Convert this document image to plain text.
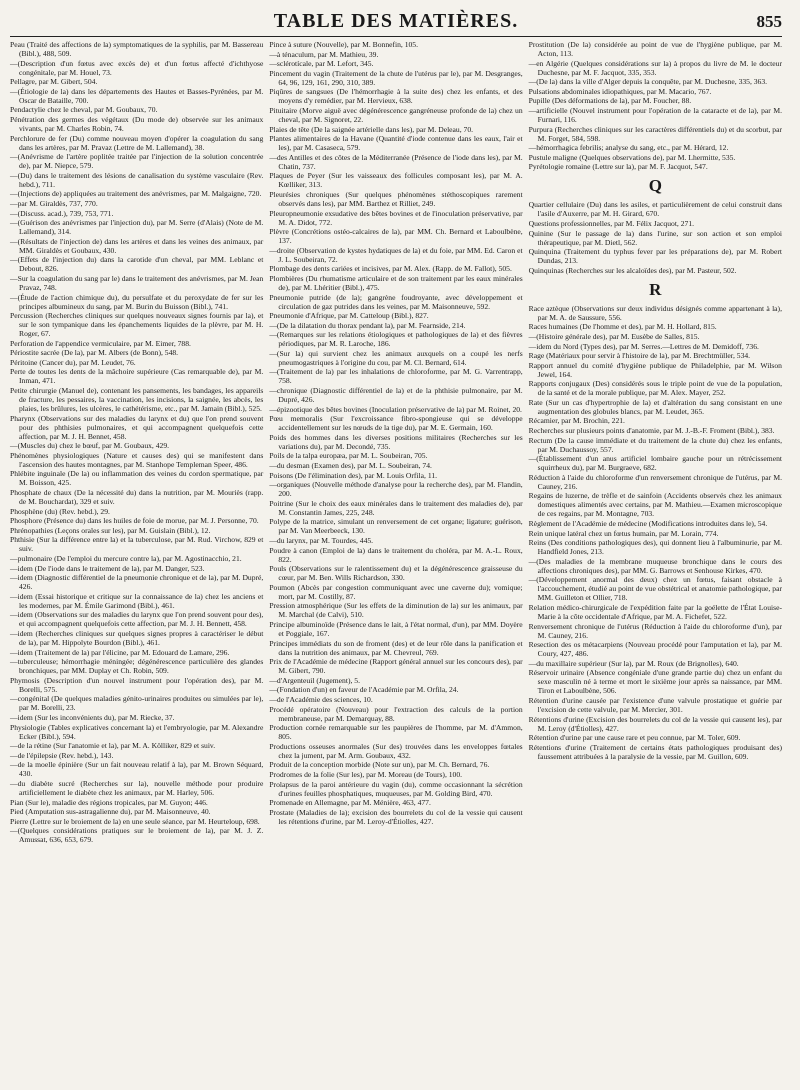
TABLE DES MATIÈRES.	855
Peau (Traité des affections de la) symptomatiques de la syphilis, par M. Bassereau (Bibl.), 488, 509.
—(Description d'un fœtus avec excès de) et d'un fœtus affecté d'ichthyose congénitale, par M. Houel, 73.
Pellagre, par M. Gibert, 504.
—(Étiologie de la) dans les départements des Hautes et Basses-Pyrénées, par M. Oscar de Bataille, 700.
Pendactylie chez le cheval, par M. Goubaux, 70.
Pénétration des germes des végétaux (Du mode de) observée sur les animaux vivants, par M. Charles Robin, 74.
Perchlorure de fer (Du) comme nouveau moyen d'opérer la coagulation du sang dans les artères, par M. Pravaz (Lettre de M. Lallemand), 38.
—(Anévrisme de l'artère poplitée traitée par l'injection de la solution concentrée de), par M. Niepce, 579.
—(Du) dans le traitement des lésions de canalisation du système vasculaire (Rev. hebd.), 711.
—(Injections de) appliquées au traitement des anévrismes, par M. Malgaigne, 720.
—par M. Giraldès, 737, 770.
—(Discuss. acad.), 739, 753, 771.
—(Guérison des anévrismes par l'injection du), par M. Serre (d'Alais) (Note de M. Lallemand), 314.
—(Résultats de l'injection de) dans les artères et dans les veines des animaux, par MM. Giraldès et Goubaux, 430.
—(Effets de l'injection du) dans la carotide d'un cheval, par MM. Leblanc et Debout, 826.
—Sur la coagulation du sang par le) dans le traitement des anévrismes, par M. Jean Pravaz, 748.
—(Étude de l'action chimique du), du persulfate et du peroxydate de fer sur les principes albumineux du sang, par M. Burin du Buisson (Bibl.), 741.
Percussion (Recherches cliniques sur quelques nouveaux signes fournis par la), et sur le son tympanique dans les épanchements liquides de la plèvre, par M. H. Roger, 67.
Perforation de l'appendice vermiculaire, par M. Eimer, 788.
Périostite sacrée (De la), par M. Albers (de Bonn), 548.
Péritoine (Cancer du), par M. Leudet, 76.
Perte de toutes les dents de la mâchoire supérieure (Cas remarquable de), par M. Inman, 471.
Petite chirurgie (Manuel de), contenant les pansements, les bandages, les appareils de fracture, les pessaires, la vaccination, les incisions, la saignée, les abcès, les plaies, les brûlures, les ulcères, le cathétérisme, etc., par M. Jamain (Bibl.), 525.
Pharynx (Observations sur des maladies du larynx et du) que l'on prend souvent pour des phthisies pulmonaires, et qui accompagnent quelquefois cette affection, par M. J. H. Bennet, 458.
—(Muscles du) chez le bœuf, par M. Goubaux, 429.
Phénomènes physiologiques (Nature et causes des) qui se manifestent dans l'ascension des hautes montagnes, par M. Stanhope Templeman Speer, 486.
Phlébite inguinale (De la) ou inflammation des veines du cordon spermatique, par M. Boisson, 425.
Phosphate de chaux (De la nécessité du) dans la nutrition, par M. Mouriès (rapp. de M. Bouchardat), 329 et suiv.
Phosphène (du) (Rev. hebd.), 29.
Phosphore (Présence du) dans les huiles de foie de morue, par M. J. Personne, 70.
Phrénopathies (Leçons orales sur les), par M. Guislain (Bibl.), 12.
Phthisie (Sur la différence entre la) et la tuberculose, par M. Rud. Virchow, 829 et suiv.
—pulmonaire (De l'emploi du mercure contre la), par M. Agostinacchio, 21.
—idem (De l'iode dans le traitement de la), par M. Danger, 523.
—idem (Diagnostic différentiel de la pneumonie chronique et de la), par M. Dupré, 426.
—idem (Essai historique et critique sur la connaissance de la) chez les anciens et les modernes, par M. Émile Garimond (Bibl.), 461.
—idem (Observations sur des maladies du larynx que l'on prend souvent pour des), et qui accompagnent quelquefois cette affection, par M. J. H. Bennett, 458.
—idem (Recherches cliniques sur quelques signes propres à caractériser le début de la), par M. Hippolyte Bourdon (Bibl.), 461.
—idem (Traitement de la) par l'élicine, par M. Edouard de Lamare, 296.
—tuberculeuse; hémorrhagie méningée; dégénérescence particulière des glandes bronchiques, par MM. Duplay et Ch. Robin, 509.
Phymosis (Description d'un nouvel instrument pour l'opération des), par M. Borelli, 575.
—congénital (De quelques maladies génito-urinaires produites ou simulées par le), par M. Borelli, 23.
—idem (Sur les inconvénients du), par M. Riecke, 37.
Physiologie (Tables explicatives concernant la) et l'embryologie, par M. Alexandre Ecker (Bibl.), 594.
—de la rétine (Sur l'anatomie et la), par M. A. Kölliker, 829 et suiv.
—de l'épilepsie (Rev. hebd.), 143.
—de la moelle épinière (Sur un fait nouveau relatif à la), par M. Brown Séquard, 430.
—du diabète sucré (Recherches sur la), nouvelle méthode pour produire artificiellement le diabète chez les animaux, par M. Harley, 506.
Pian (Sur le), maladie des régions tropicales, par M. Guyon; 446.
Pied (Amputation sus-astragalienne du), par M. Maisonneuve, 40.
Pierre (Lettre sur le broiement de la) en une seule séance, par M. Heurteloup, 698.
—(Quelques considérations pratiques sur le broiement de la), par M. J. Z. Amussat, 636, 653, 679.
Pince à suture (Nouvelle), par M. Bonnefin, 105.
—à ténaculum, par M. Mathieu, 39.
—sclérotícale, par M. Lefort, 345.
Pincement du vagin (Traitement de la chute de l'utérus par le), par M. Desgranges, 64, 96, 129, 161, 290, 310, 389.
Piqûres de sangsues (De l'hémorrhagie à la suite des) chez les enfants, et des moyens d'y remédier, par M. Hervieux, 638.
Pituitaire (Morve aiguë avec dégénérescence gangréneuse profonde de la) chez un cheval, par M. Signoret, 22.
Plaies de tête (De la saignée artérielle dans les), par M. Deleau, 70.
Plantes alimentaires de la Havane (Quantité d'iode contenue dans les eaux, l'air et les), par M. Casaseca, 579.
—des Antilles et des côtes de la Méditerranée (Présence de l'iode dans les), par M. Chatin, 737.
Plaques de Peyer (Sur les vaisseaux des follicules composant les), par M. A. Kœlliker, 313.
Pleurésies chroniques (Sur quelques phénomènes stéthoscopiques rarement observés dans les), par MM. Barthez et Rilliet, 249.
Pleuropneumonie exsudative des bêtes bovines et de l'inoculation préservative, par M. A. Didot, 772.
Plèvre (Concrétions ostéo-calcaires de la), par MM. Ch. Bernard et Laboulbène, 137.
—droite (Observation de kystes hydatiques de la) et du foie, par MM. Ed. Caron et J. L. Soubeiran, 72.
Plombage des dents cariées et incisives, par M. Alex. (Rapp. de M. Fallot), 505.
Plombières (Du rhumatisme articulaire et de son traitement par les eaux minérales de), par M. Lhéritier (Bibl.), 475.
Pneumonie putride (de la); gangrène foudroyante, avec développement et circulation de gaz putrides dans les veines, par M. Maisonneuve, 592.
Pneumonie d'Afrique, par M. Catteloup (Bibl.), 827.
—(De la dilatation du thorax pendant la), par M. Fearnside, 214.
—(Remarques sur les relations étiologiques et pathologiques de la) et des fièvres périodiques, par M. R. Laroche, 186.
—(Sur la) qui survient chez les animaux auxquels on a coupé les nerfs pneumogastriques à l'origine du cou, par M. Cl. Bernard, 614.
—(Traitement de la) par les inhalations de chloroforme, par M. G. Varrentrapp, 758.
—chronique (Diagnostic différentiel de la) et de la phthisie pulmonaire, par M. Dupré, 426.
—épizootique des bêtes bovines (Inoculation préservative de la) par M. Roinet, 20.
Pœu memoralis (Sur l'excroissance fibro-spongieuse qui se développe accidentellement sur les nœuds de la tige du), par M. E. Germain, 160.
Poids des hommes dans les diverses positions militaires (Recherches sur les variations du), par M. Decondé, 735.
Poils de la talpa europæa, par M. L. Soubeiran, 705.
—du desman (Examen des), par M. L. Soubeiran, 74.
Poisons (De l'élimination des), par M. Louis Orfila, 11.
—organiques (Nouvelle méthode d'analyse pour la recherche des), par M. Flandin, 200.
Poitrine (Sur le choix des eaux minérales dans le traitement des maladies de), par M. Constantin James, 225, 248.
Polype de la matrice, simulant un renversement de cet organe; ligature; guérison, par M. Van Meerbeeck, 130.
—du larynx, par M. Tourdes, 445.
Poudre à canon (Emploi de la) dans le traitement du choléra, par M. A.-L. Roux, 822.
Pouls (Observations sur le ralentissement du) et la dégénérescence graisseuse du cœur, par M. Ben. Wills Richardson, 330.
Poumon (Abcès par congestion communiquant avec une caverne du); vomique; mort, par M. Costilly, 87.
Pression atmosphérique (Sur les effets de la diminution de la) sur les animaux, par M. Marchal (de Calvi), 510.
Principe albuminoïde (Présence dans le lait, à l'état normal, d'un), par MM. Doyère et Poggiale, 167.
Principes immédiats du son de froment (des) et de leur rôle dans la panification et dans la nutrition des animaux, par M. Chevreul, 769.
Prix de l'Académie de médecine (Rapport général annuel sur les concours des), par M. Gibert, 790.
—d'Argenteuil (Jugement), 5.
—(Fondation d'un) en faveur de l'Académie par M. Orfila, 24.
—de l'Académie des sciences, 10.
Procédé opératoire (Nouveau) pour l'extraction des calculs de la portion membraneuse, par M. Demarquay, 88.
Production cornée remarquable sur les paupières de l'homme, par M. d'Ammon, 805.
Productions osseuses anormales (Sur des) trouvées dans les enveloppes fœtales chez la jument, par M. Arm. Goubaux, 432.
Produit de la conception morbide (Note sur un), par M. Ch. Bernard, 76.
Prodromes de la folie (Sur les), par M. Moreau (de Tours), 100.
Prolapsus de la paroi antérieure du vagin (du), comme occasionnant la sécrétion d'urines feuilles phosphatiques, muqueuses, par M. Golding Bird, 470.
Promenade en Allemagne, par M. Ménière, 463, 477.
Prostate (Maladies de la); excision des bourrelets du col de la vessie qui causent les rétentions d'urine, par M. Leroy-d'Étiolles, 427.
Prostitution (De la) considérée au point de vue de l'hygiène publique, par M. Acton, 113.
—en Algérie (Quelques considérations sur la) à propos du livre de M. le docteur Duchesne, par M. F. Jacquot, 335, 353.
—(De la) dans la ville d'Alger depuis la conquête, par M. Duchesne, 335, 363.
Pulsations abdominales idiopathiques, par M. Macario, 767.
Pupille (Des déformations de la), par M. Foucher, 88.
—artificielle (Nouvel instrument pour l'opération de la cataracte et de la), par M. Furnari, 116.
Purpura (Recherches cliniques sur les caractères différentiels du) et du scorbut, par M. Forget, 584, 598.
—hémorrhagica febrilis; analyse du sang, etc., par M. Hérard, 12.
Pustule maligne (Quelques observations de), par M. Lhermitte, 535.
Pyrétologie romaine (Lettre sur la), par M. F. Jacquot, 547.
Q
Quartier cellulaire (Du) dans les asiles, et particulièrement de celui construit dans l'asile d'Auxerre, par M. H. Girard, 670.
Questions professionnelles, par M. Félix Jacquot, 271.
Quinine (Sur le passage de la) dans l'urine, sur son action et son emploi thérapeutique, par M. Dietl, 562.
Quinquina (Traitement du typhus fever par les préparations de), par M. Robert Dundas, 213.
Quinquinas (Recherches sur les alcaloïdes des), par M. Pasteur, 502.
R
Race aztèque (Observations sur deux individus désignés comme appartenant à la), par M. A. de Saussure, 556.
Races humaines (De l'homme et des), par M. H. Hollard, 815.
—(Histoire générale des), par M. Eusèbe de Salles, 815.
—idem du Nord (Types des), par M. Serres.—Lettres de M. Demidoff, 736.
Rage (Matériaux pour servir à l'histoire de la), par M. Brechtmüller, 534.
Rapport annuel du comité d'hygiène publique de Philadelphie, par M. Wilson Jewel, 164.
Rapports conjugaux (Des) considérés sous le triple point de vue de la population, de la santé et de la morale publique, par M. Alex. Mayer, 252.
Rate (Sur un cas d'hypertrophie de la) et d'altération du sang consistant en une augmentation des globules blancs, par M. Leudet, 365.
Récamier, par M. Brochin, 221.
Recherches sur plusieurs points d'anatomie, par M. J.-B.-F. Froment (Bibl.), 383.
Rectum (De la cause immédiate et du traitement de la chute du) chez les enfants, par M. Duchaussoy, 557.
—(Établissement d'un anus artificiel lombaire gauche pour un rétrécissement squirrheux du), par M. Burgraeve, 682.
Réduction à l'aide du chloroforme d'un renversement chronique de l'utérus, par M. Cauney, 216.
Regains de luzerne, de trèfle et de sainfoin (Accidents observés chez les animaux domestiques alimentés avec certains, par M. Mathieu.—Examen microscopique de ces regains, par M. Montagne, 703.
Règlement de l'Académie de médecine (Modifications introduites dans le), 54.
Rein unique latéral chez un fœtus humain, par M. Lorain, 774.
Reins (Des conditions pathologiques des), qui donnent lieu à l'albuminurie, par M. Handfield Jones, 213.
—(Des maladies de la membrane muqueuse bronchique dans le cours des affections chroniques des), par MM. G. Barrows et Senhouse Kirkes, 470.
—(Développement anormal des deux) chez un fœtus, faisant obstacle à l'accouchement, étudié au point de vue obstétrical et anatomie pathologique, par MM. Guilleton et Ollier, 718.
Relation médico-chirurgicale de l'expédition faite par la goélette de l'État Louise-Marie à la côte occidentale d'Afrique, par M. A. Fichefet, 522.
Renversement chronique de l'utérus (Réduction à l'aide du chloroforme d'un), par M. Cauney, 216.
Resection des os métacarpiens (Nouveau procédé pour l'amputation et la), par M. Coury, 427, 486.
—du maxillaire supérieur (Sur la), par M. Roux (de Brignolles), 640.
Réservoir urinaire (Absence congéniale d'une grande partie du) chez un enfant du sexe masculin né à terme et mort le sixième jour après sa naissance, par MM. Tiron et Laboulbène, 506.
Rétention d'urine causée par l'existence d'une valvule prostatique et guérie par l'excision de cette valvule, par M. Mercier, 301.
Rétentions d'urine (Excision des bourrelets du col de la vessie qui causent les), par M. Leroy (d'Étiolles), 427.
Rétention d'urine par une cause rare et peu connue, par M. Toler, 609.
Rétentions d'urine (Traitement de certains états pathologiques produisant des) faussement attribuées à la paralysie de la vessie, par M. Guillon, 609.
